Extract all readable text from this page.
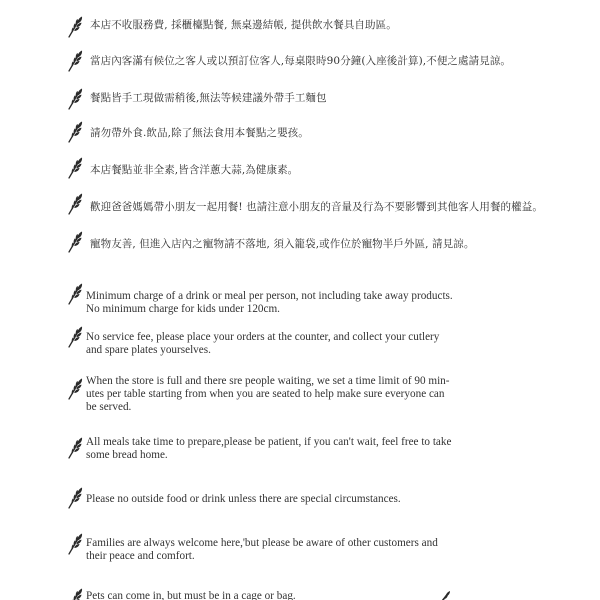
本店不收服務費, 採櫃檯點餐, 無桌邊結帳, 提供飲水餐具自助區。
當店內客滿有候位之客人或以預訂位客人,每桌限時90分鐘(入座後計算),不便之處請見諒。
餐點皆手工現做需稍後,無法等候建議外帶手工麵包
請勿帶外食.飲品,除了無法食用本餐點之嬰孩。
本店餐點並非全素,皆含洋蔥大蒜,為健康素。
歡迎爸爸媽媽帶小朋友一起用餐! 也請注意小朋友的音量及行為不要影響到其他客人用餐的權益。
寵物友善, 但進入店內之寵物請不落地, 須入籠袋,或作位於寵物半戶外區, 請見諒。
Minimum charge of a drink or meal per person, not including take away products.
No minimum charge for kids under 120cm.
No service fee, please place your orders at the counter, and collect your cutlery
and spare plates yourselves.
When the store is full and there sre people waiting, we set a time limit of 90 min-
utes per table starting from when you are seated to help make sure everyone can
be served.
All meals take time to prepare,please be patient, if you can't wait, feel free to take
some bread home.
Please no outside food or drink unless there are special circumstances.
Families are always welcome here,'but please be aware of other customers and
their peace and comfort.
Pets can come in, but must be in a cage or bag.
